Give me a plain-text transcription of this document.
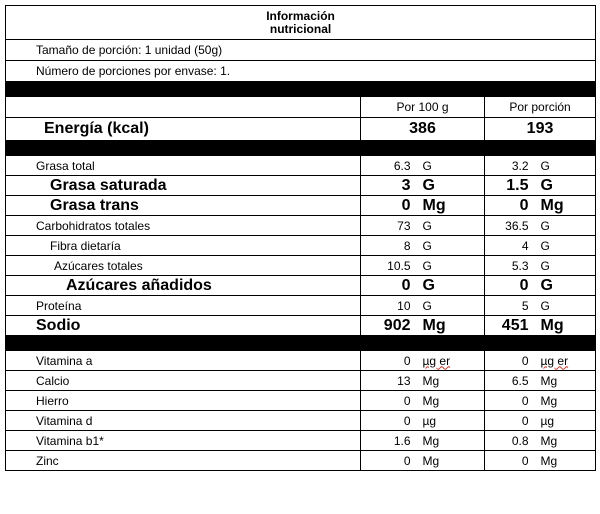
Información
nutricional				

Tamaño de porción: 1 unidad (50g)				
Número de porciones por envase: 1.				

	Por 100 g		Por porción	
Energía (kcal)	386		193	

Grasa total	6.3	G	3.2	G
Grasa saturada	3	G	1.5	G
Grasa trans	0	Mg	0	Mg
Carbohidratos totales	73	G	36.5	G
Fibra dietaría	8	G	4	G
Azúcares totales	10.5	G	5.3	G
Azúcares añadidos	0	G	0	G
Proteína	10	G	5	G
Sodio	902	Mg	451	Mg

Vitamina a	0	µg er	0	µg er
Calcio	13	Mg	6.5	Mg
Hierro	0	Mg	0	Mg
Vitamina d	0	µg	0	µg
Vitamina b1*	1.6	Mg	0.8	Mg
Zinc	0	Mg	0	Mg
